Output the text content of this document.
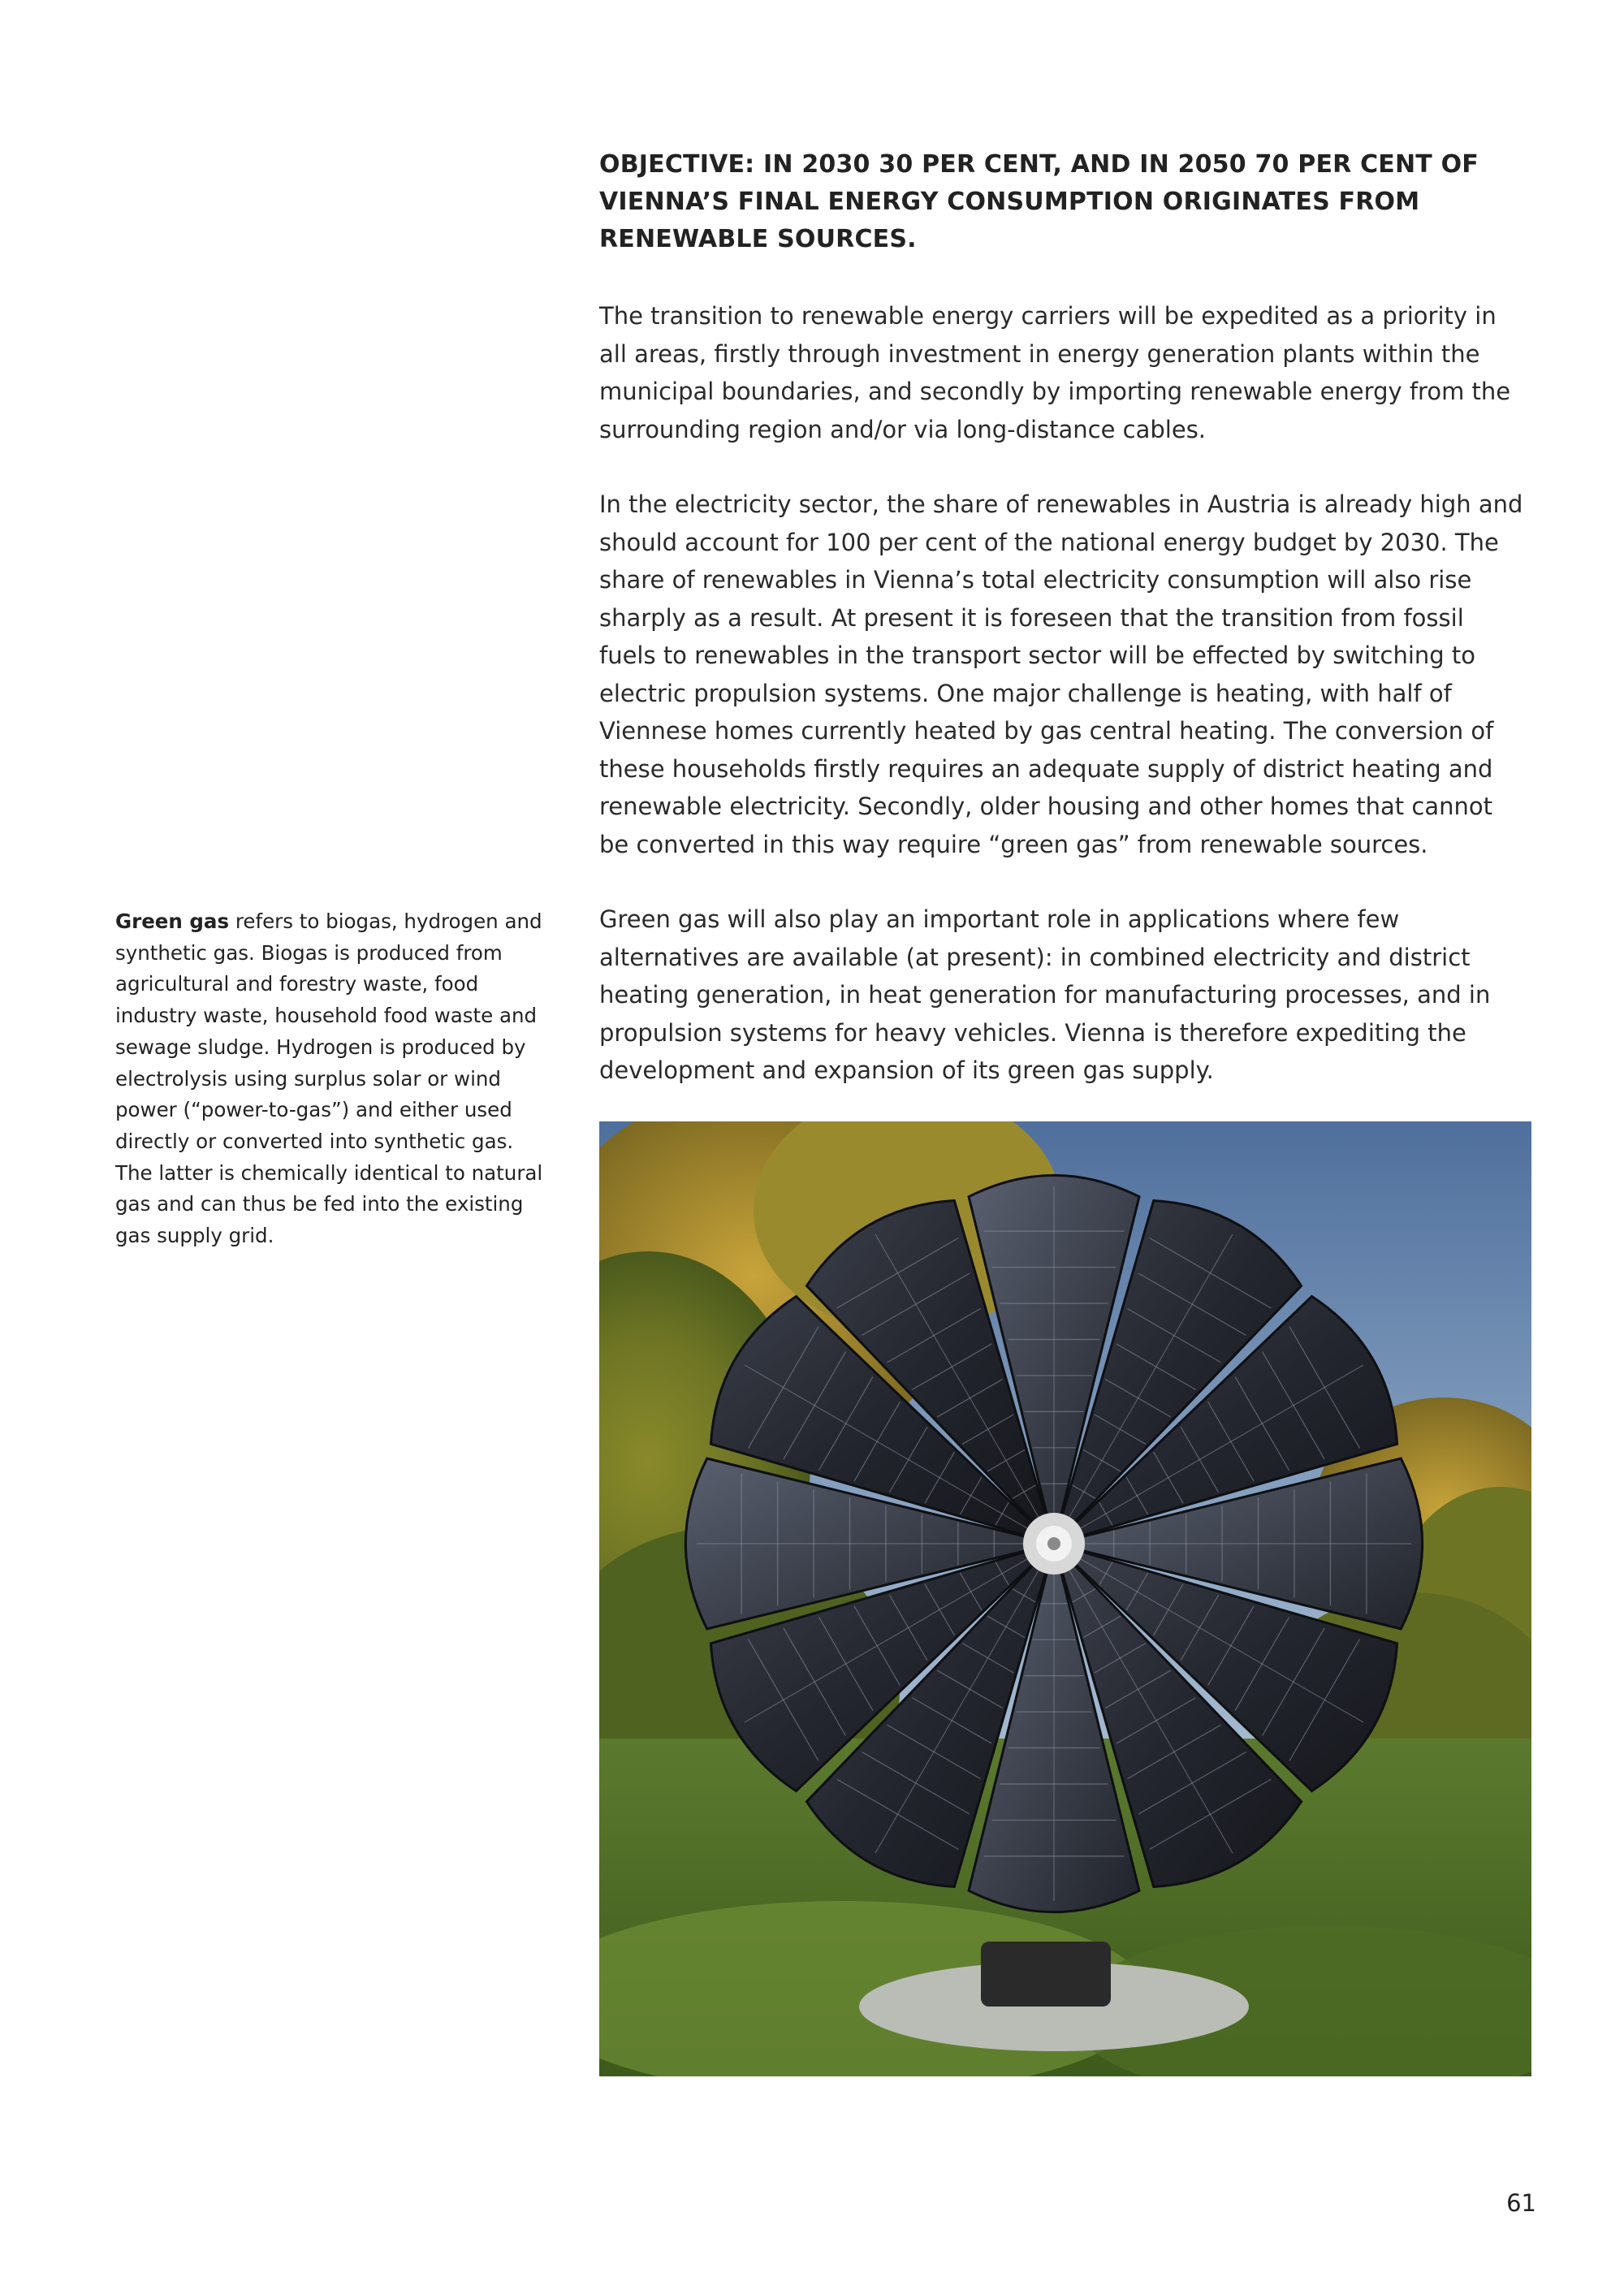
OBJECTIVE: IN 2030 30 PER CENT, AND IN 2050 70 PER CENT OF VIENNA’S FINAL ENERGY CONSUMPTION ORIGINATES FROM RENEWABLE SOURCES.

The transition to renewable energy carriers will be expedited as a priority in all areas, firstly through investment in energy generation plants within the municipal boundaries, and secondly by importing renewable energy from the surrounding region and/or via long-distance cables.

In the electricity sector, the share of renewables in Austria is already high and should account for 100 per cent of the national energy budget by 2030. The share of renewables in Vienna’s total electricity consumption will also rise sharply as a result. At present it is foreseen that the transition from fossil fuels to renewables in the transport sector will be effected by switching to electric propulsion systems. One major challenge is heating, with half of Viennese homes currently heated by gas central heating. The conversion of these households firstly requires an adequate supply of district heating and renewable electricity. Secondly, older housing and other homes that cannot be converted in this way require “green gas” from renewable sources.

Green gas will also play an important role in applications where few alternatives are available (at present): in combined electricity and district heating generation, in heat generation for manufacturing processes, and in propulsion systems for heavy vehicles. Vienna is therefore expediting the development and expansion of its green gas supply.

Green gas refers to biogas, hydrogen and synthetic gas. Biogas is produced from agricultural and forestry waste, food industry waste, household food waste and sewage sludge. Hydrogen is produced by electrolysis using surplus solar or wind power (“power-to-gas”) and either used directly or converted into synthetic gas. The latter is chemically identical to natural gas and can thus be fed into the existing gas supply grid.

61
